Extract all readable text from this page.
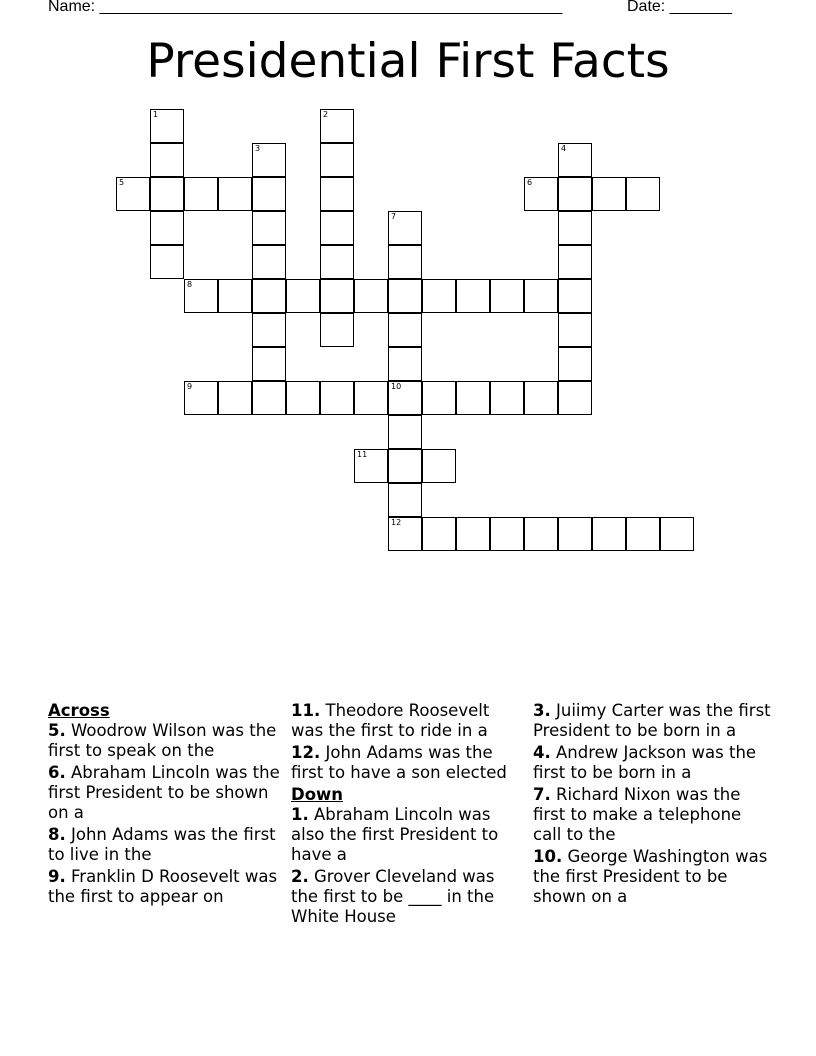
Name: ____________________________________________________	Date: _______
Presidential First Facts
1	2
3	4
5	6
7
8
9	10
12
11

Across

5. Woodrow Wilson was the first to speak on the

6. Abraham Lincoln was the first President to be shown on a

8. John Adams was the first to live in the

9. Franklin D Roosevelt was the first to appear on

11. Theodore Roosevelt was the first to ride in a

12. John Adams was the first to have a son elected

Down

1. Abraham Lincoln was also the first President to have a

2. Grover Cleveland was the first to be ____ in the White House

3. Juiimy Carter was the first President to be born in a

4. Andrew Jackson was the first to be born in a

7. Richard Nixon was the first to make a telephone call to the

10. George Washington was the first President to be shown on a
